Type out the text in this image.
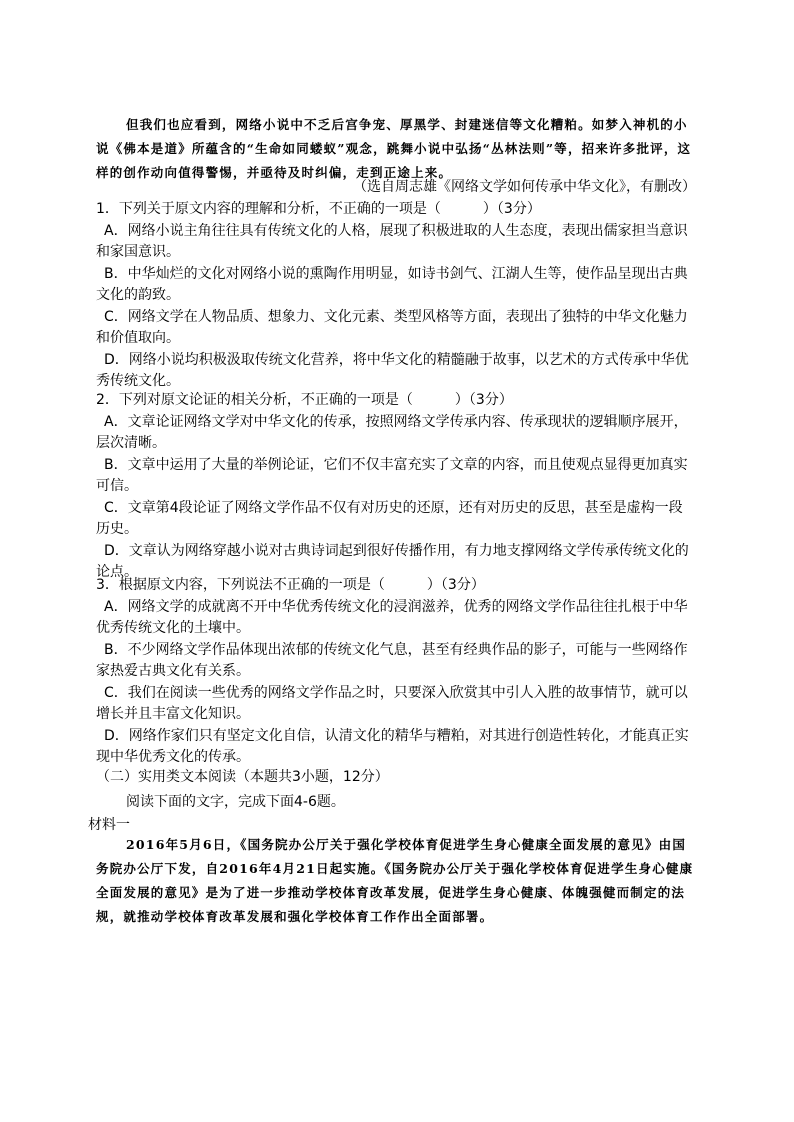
但我们也应看到，网络小说中不乏后宫争宠、厚黑学、封建迷信等文化糟粕。如梦入神机的小说《佛本是道》所蕴含的“生命如同蝼蚁”观念，跳舞小说中弘扬“丛林法则”等，招来许多批评，这样的创作动向值得警惕，并亟待及时纠偏，走到正途上来。

（选自周志雄《网络文学如何传承中华文化》，有删改）

1．下列关于原文内容的理解和分析，不正确的一项是（　　　）（3分）

A．网络小说主角往往具有传统文化的人格，展现了积极进取的人生态度，表现出儒家担当意识和家国意识。

B．中华灿烂的文化对网络小说的熏陶作用明显，如诗书剑气、江湖人生等，使作品呈现出古典文化的韵致。

C．网络文学在人物品质、想象力、文化元素、类型风格等方面，表现出了独特的中华文化魅力和价值取向。

D．网络小说均积极汲取传统文化营养，将中华文化的精髓融于故事，以艺术的方式传承中华优秀传统文化。

2．下列对原文论证的相关分析，不正确的一项是（　　　）（3分）

A．文章论证网络文学对中华文化的传承，按照网络文学传承内容、传承现状的逻辑顺序展开，层次清晰。

B．文章中运用了大量的举例论证，它们不仅丰富充实了文章的内容，而且使观点显得更加真实可信。

C．文章第4段论证了网络文学作品不仅有对历史的还原，还有对历史的反思，甚至是虚构一段历史。

D．文章认为网络穿越小说对古典诗词起到很好传播作用，有力地支撑网络文学传承传统文化的论点。

3．根据原文内容，下列说法不正确的一项是（　　　）（3分）

A．网络文学的成就离不开中华优秀传统文化的浸润滋养，优秀的网络文学作品往往扎根于中华优秀传统文化的土壤中。

B．不少网络文学作品体现出浓郁的传统文化气息，甚至有经典作品的影子，可能与一些网络作家热爱古典文化有关系。

C．我们在阅读一些优秀的网络文学作品之时，只要深入欣赏其中引人入胜的故事情节，就可以增长并且丰富文化知识。

D．网络作家们只有坚定文化自信，认清文化的精华与糟粕，对其进行创造性转化，才能真正实现中华优秀文化的传承。

（二）实用类文本阅读（本题共3小题，12分）

阅读下面的文字，完成下面4-6题。

材料一

2016年5月6日，《国务院办公厅关于强化学校体育促进学生身心健康全面发展的意见》由国务院办公厅下发，自2016年4月21日起实施。《国务院办公厅关于强化学校体育促进学生身心健康全面发展的意见》是为了进一步推动学校体育改革发展，促进学生身心健康、体魄强健而制定的法规，就推动学校体育改革发展和强化学校体育工作作出全面部署。
